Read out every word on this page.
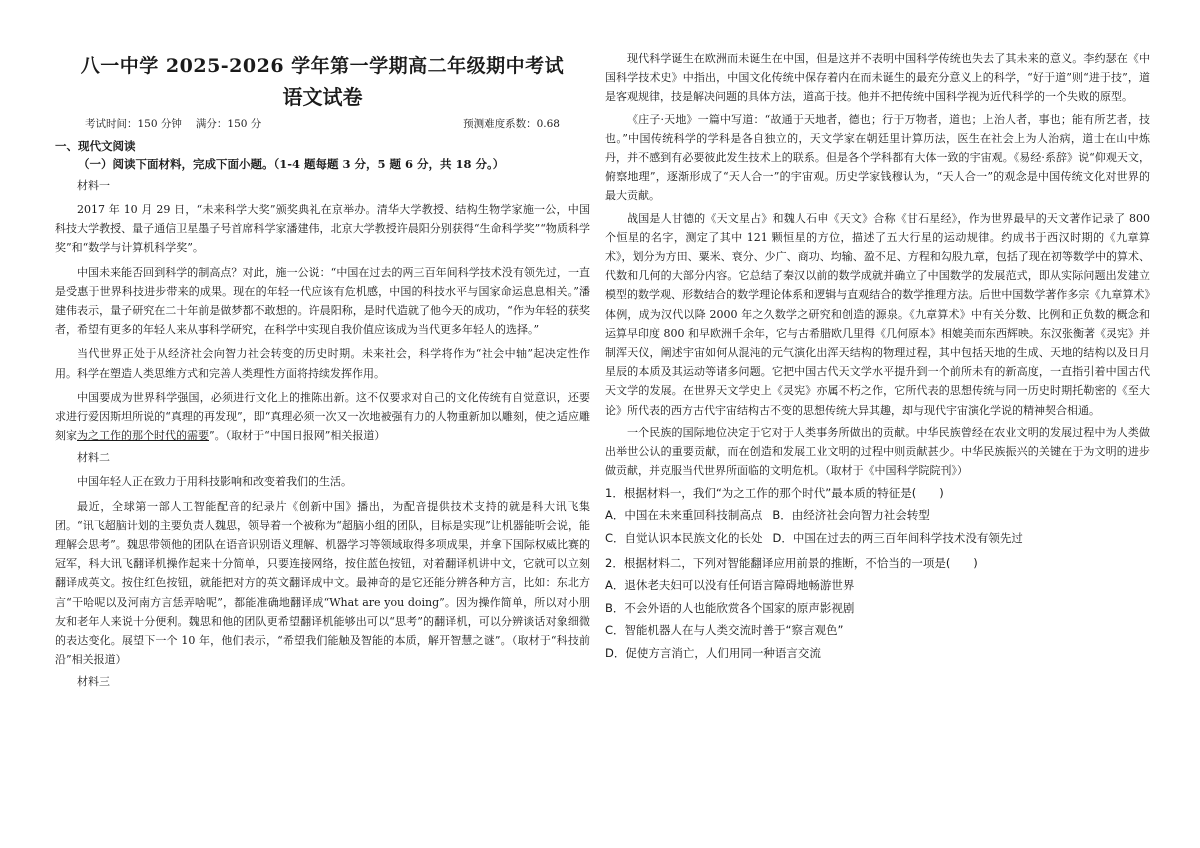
八一中学 2025-2026 学年第一学期高二年级期中考试
语文试卷
考试时间：150 分钟 满分：150 分	预测难度系数：0.68
一、现代文阅读
（一）阅读下面材料，完成下面小题。（1-4 题每题 3 分，5 题 6 分，共 18 分。）
材料一

2017 年 10 月 29 日，“未来科学大奖”颁奖典礼在京举办。清华大学教授、结构生物学家施一公，中国科技大学教授、量子通信卫星墨子号首席科学家潘建伟，北京大学教授许晨阳分别获得“生命科学奖”“物质科学奖”和“数学与计算机科学奖”。

中国未来能否回到科学的制高点？对此，施一公说：“中国在过去的两三百年间科学技术没有领先过，一直是受惠于世界科技进步带来的成果。现在的年轻一代应该有危机感，中国的科技水平与国家命运息息相关。”潘建伟表示，量子研究在二十年前是做梦都不敢想的。许晨阳称，是时代造就了他今天的成功，“作为年轻的获奖者，希望有更多的年轻人来从事科学研究，在科学中实现自我价值应该成为当代更多年轻人的选择。”

当代世界正处于从经济社会向智力社会转变的历史时期。未来社会，科学将作为“社会中轴”起决定性作用。科学在塑造人类思维方式和完善人类理性方面将持续发挥作用。

中国要成为世界科学强国，必须进行文化上的推陈出新。这不仅要求对自己的文化传统有自觉意识，还要求进行爱因斯坦所说的“真理的再发现”，即“真理必须一次又一次地被强有力的人物重新加以雕刻，使之适应雕刻家为之工作的那个时代的需要”。（取材于“中国日报网”相关报道）

材料二

中国年轻人正在致力于用科技影响和改变着我们的生活。

最近，全球第一部人工智能配音的纪录片《创新中国》播出，为配音提供技术支持的就是科大讯飞集团。“讯飞超脑计划的主要负责人魏思，领导着一个被称为“超脑小组的团队，目标是实现”让机器能听会说，能理解会思考”。魏思带领他的团队在语音识别语义理解、机器学习等领域取得多项成果，并拿下国际权威比赛的冠军，科大讯飞翻译机操作起来十分简单，只要连接网络，按住蓝色按钮，对着翻译机讲中文，它就可以立刻翻译成英文。按住红色按钮，就能把对方的英文翻译成中文。最神奇的是它还能分辨各种方言，比如：东北方言“干哈呢以及河南方言恁弄啥呢”，都能准确地翻译成“What are you doing”。因为操作简单，所以对小朋友和老年人来说十分便利。魏思和他的团队更希望翻译机能够出可以“思考”的翻译机，可以分辨谈话对象细微的表达变化。展望下一个 10 年，他们表示，“希望我们能触及智能的本质，解开智慧之谜”。（取材于“科技前沿”相关报道）

材料三

现代科学诞生在欧洲而未诞生在中国，但是这并不表明中国科学传统也失去了其未来的意义。李约瑟在《中国科学技术史》中指出，中国文化传统中保存着内在而未诞生的最充分意义上的科学，“好于道”则“进于技”，道是客观规律，技是解决问题的具体方法，道高于技。他并不把传统中国科学视为近代科学的一个失败的原型。

《庄子·天地》一篇中写道：“故通于天地者，德也；行于万物者，道也；上治人者，事也；能有所艺者，技也。”中国传统科学的学科是各自独立的，天文学家在朝廷里计算历法，医生在社会上为人治病，道士在山中炼丹，并不感到有必要彼此发生技术上的联系。但是各个学科都有大体一致的宇宙观。《易经·系辞》说“仰观天文，俯察地理”，逐渐形成了“天人合一”的宇宙观。历史学家钱穆认为，“天人合一”的观念是中国传统文化对世界的最大贡献。

战国是人甘德的《天文星占》和魏人石申《天文》合称《甘石星经》，作为世界最早的天文著作记录了 800 个恒星的名字，测定了其中 121 颗恒星的方位，描述了五大行星的运动规律。约成书于西汉时期的《九章算术》，划分为方田、粟米、衰分、少广、商功、均输、盈不足、方程和勾股九章，包括了现在初等数学中的算术、代数和几何的大部分内容。它总结了秦汉以前的数学成就并确立了中国数学的发展范式，即从实际问题出发建立模型的数学观、形数结合的数学理论体系和逻辑与直观结合的数学推理方法。后世中国数学著作多宗《九章算术》体例，成为汉代以降 2000 年之久数学之研究和创造的源泉。《九章算术》中有关分数、比例和正负数的概念和运算早印度 800 和早欧洲千余年，它与古希腊欧几里得《几何原本》相媲美而东西辉映。东汉张衡著《灵宪》并制浑天仪，阐述宇宙如何从混沌的元气演化出浑天结构的物理过程，其中包括天地的生成、天地的结构以及日月星辰的本质及其运动等诸多问题。它把中国古代天文学水平提升到一个前所未有的新高度，一直指引着中国古代天文学的发展。在世界天文学史上《灵宪》亦属不朽之作，它所代表的思想传统与同一历史时期托勒密的《至大论》所代表的西方古代宇宙结构古不变的思想传统大异其趣，却与现代宇宙演化学说的精神契合相通。

一个民族的国际地位决定于它对于人类事务所做出的贡献。中华民族曾经在农业文明的发展过程中为人类做出举世公认的重要贡献，而在创造和发展工业文明的过程中则贡献甚少。中华民族振兴的关键在于为文明的进步做贡献，并克服当代世界所面临的文明危机。（取材于《中国科学院院刊》）

1．根据材料一，我们“为之工作的那个时代”最本质的特征是(　　)
A．中国在未来重回科技制高点 B．由经济社会向智力社会转型
C．自觉认识本民族文化的长处 D．中国在过去的两三百年间科学技术没有领先过
2．根据材料二，下列对智能翻译应用前景的推断，不恰当的一项是(　　)
A．退休老夫妇可以没有任何语言障碍地畅游世界
B．不会外语的人也能欣赏各个国家的原声影视剧
C．智能机器人在与人类交流时善于“察言观色”
D．促使方言消亡，人们用同一种语言交流
